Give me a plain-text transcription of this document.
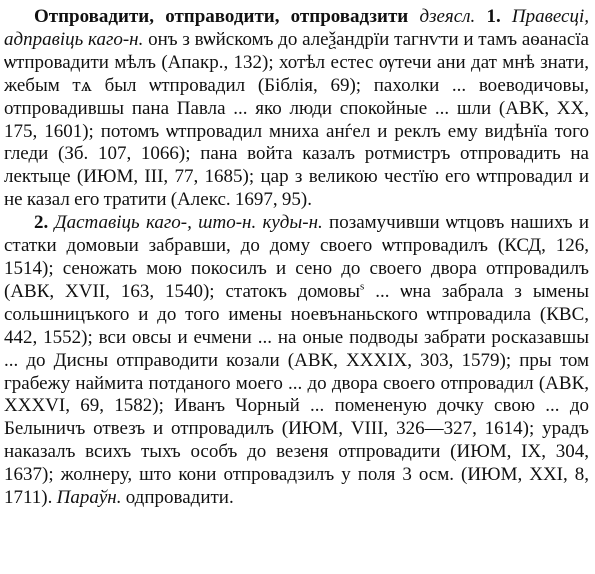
Отпровадити, отправодити, отпровадзити дзеясл. 1. Правесці, адправіць каго-н. онъ з вѡйскомъ до алеѯандрїи тагнѵти и тамъ аѳанасїа ѡтпровадити мѣлъ (Апакр., 132); хотѣл естес ѹтечи ани дат мнѣ знати, жебым тѧ был ѡтпровадил (Біблія, 69); пахолки ... воеводичовы, отпровадившы пана Павла ... яко люди спокойные ... шли (АВК, XX, 175, 1601); потомъ ѡтпровадил мниха анѓел и реклъ ему видѣнїа того гледи (Зб. 107, 1066); пана войта казалъ ротмистръ отпровадить на лектыце (ИЮМ, III, 77, 1685); цар з великою честїю его ѡтпровадил и не казал его тратити (Алекс. 1697, 95).

2. Даставіць каго-, што-н. куды-н. позамучивши ѡтцовъ нашихъ и статки домовыи забравши, до дому своего ѡтпровадилъ (КСД, 126, 1514); сеножать мою покосилъ и сено до своего двора отпровадилъ (АВК, XVII, 163, 1540); статокъ домовы$^s$ ... ѡна забрала з ымены сольшницъкого и до того имены ноевънаньского ѡтпровадила (КВС, 442, 1552); вси овсы и ечмени ... на оные подводы забрати росказавшы ... до Дисны отправодити козали (АВК, XXXIX, 303, 1579); пры том грабежу наймита потданого моего ... до двора своего отпровадил (АВК, XXXVI, 69, 1582); Иванъ Чорный ... помененую дочку свою ... до Белыничъ отвезъ и отпровадилъ (ИЮМ, VIII, 326—327, 1614); урадъ наказалъ всихъ тыхъ особъ до везеня отпровадити (ИЮМ, IX, 304, 1637); жолнеру, што кони отпровадзилъ у поля 3 осм. (ИЮМ, XXI, 8, 1711). Параўн. одпровадити.
